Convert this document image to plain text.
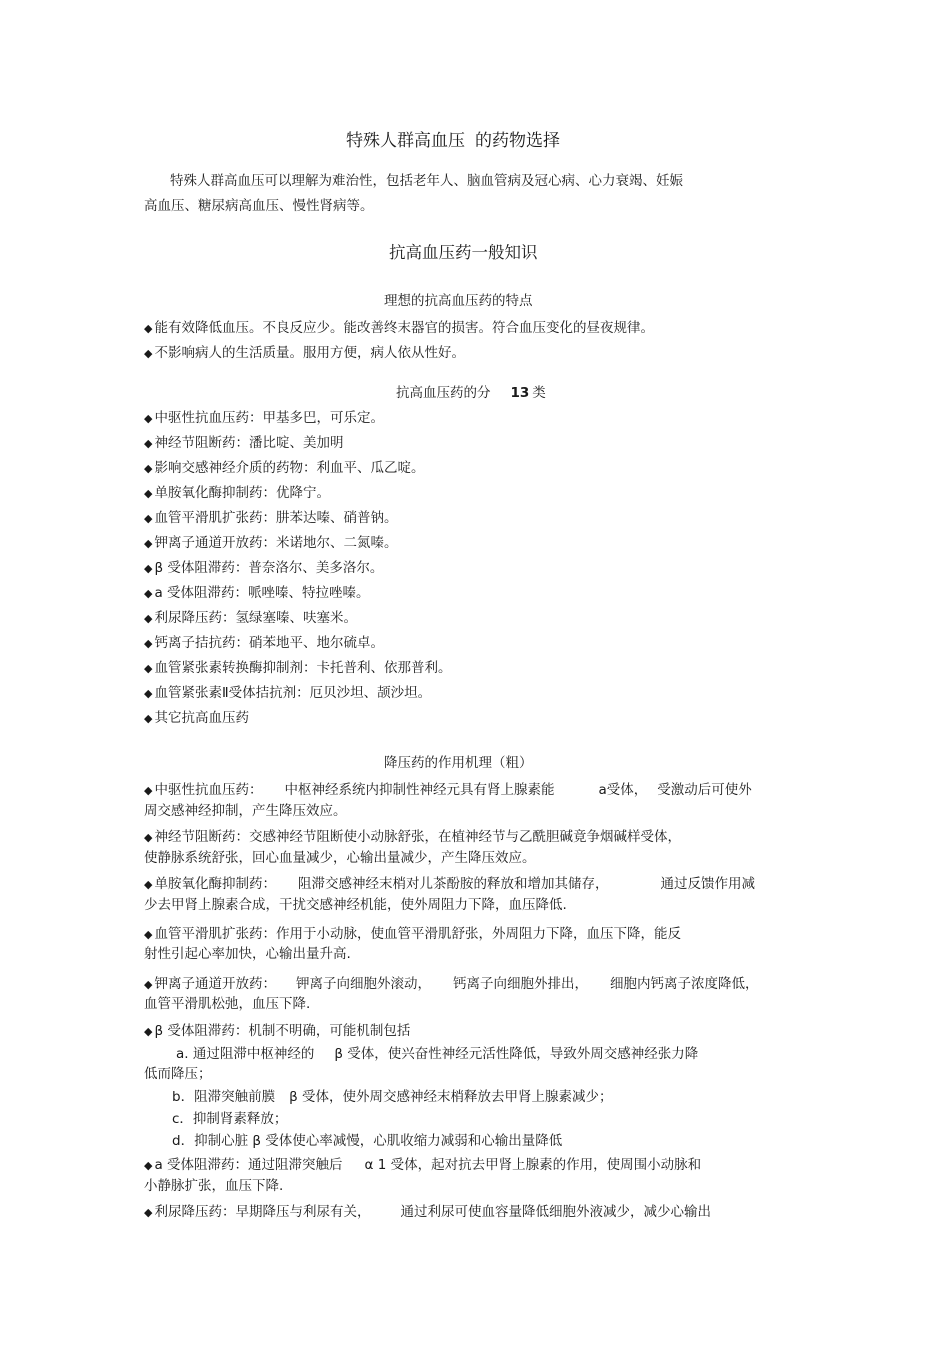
特殊人群高血压 的药物选择
特殊人群高血压可以理解为难治性，包括老年人、脑血管病及冠心病、心力衰竭、妊娠
高血压、糖尿病高血压、慢性肾病等。
抗高血压药一般知识
理想的抗高血压药的特点
◆ 能有效降低血压。不良反应少。能改善终末器官的损害。符合血压变化的昼夜规律。
◆ 不影响病人的生活质量。服用方便，病人依从性好。
抗高血压药的分 13 类
◆ 中驱性抗血压药：甲基多巴，可乐定。
◆ 神经节阻断药：潘比啶、美加明
◆ 影响交感神经介质的药物：利血平、瓜乙啶。
◆ 单胺氧化酶抑制药：优降宁。
◆ 血管平滑肌扩张药：肼苯达嗪、硝普钠。
◆ 钾离子通道开放药：米诺地尔、二氮嗪。
◆ β 受体阻滞药：普奈洛尔、美多洛尔。
◆ a 受体阻滞药：哌唑嗪、特拉唑嗪。
◆ 利尿降压药：氢绿塞嗪、呋塞米。
◆ 钙离子拮抗药：硝苯地平、地尔硫卓。
◆ 血管紧张素转换酶抑制剂：卡托普利、依那普利。
◆ 血管紧张素Ⅱ受体拮抗剂：厄贝沙坦、颉沙坦。
◆ 其它抗高血压药
降压药的作用机理（粗）
◆ 中驱性抗血压药： 中枢神经系统内抑制性神经元具有肾上腺素能	a受体， 受激动后可使外
周交感神经抑制，产生降压效应。
◆ 神经节阻断药：交感神经节阻断使小动脉舒张，在植神经节与乙酰胆碱竟争烟碱样受体，
使静脉系统舒张，回心血量减少，心输出量减少，产生降压效应。
◆ 单胺氧化酶抑制药： 阻滞交感神经末梢对儿茶酚胺的释放和增加其储存，	通过反馈作用减
少去甲肾上腺素合成，干扰交感神经机能，使外周阻力下降，血压降低.
◆ 血管平滑肌扩张药：作用于小动脉，使血管平滑肌舒张，外周阻力下降，血压下降，能反
射性引起心率加快，心输出量升高.
◆ 钾离子通道开放药： 钾离子向细胞外滚动， 钙离子向细胞外排出， 细胞内钙离子浓度降低，
血管平滑肌松弛，血压下降.
◆ β 受体阻滞药：机制不明确，可能机制包括
a. 通过阻滞中枢神经的 β 受体，使兴奋性神经元活性降低，导致外周交感神经张力降
低而降压；
b．阻滞突触前膜 β 受体，使外周交感神经末梢释放去甲肾上腺素减少；
c．抑制肾素释放；
d．抑制心脏 β 受体使心率减慢，心肌收缩力减弱和心输出量降低
◆ a 受体阻滞药：通过阻滞突触后 α 1 受体，起对抗去甲肾上腺素的作用，使周围小动脉和
小静脉扩张，血压下降.
◆ 利尿降压药：早期降压与利尿有关， 通过利尿可使血容量降低细胞外液减少，减少心输出
